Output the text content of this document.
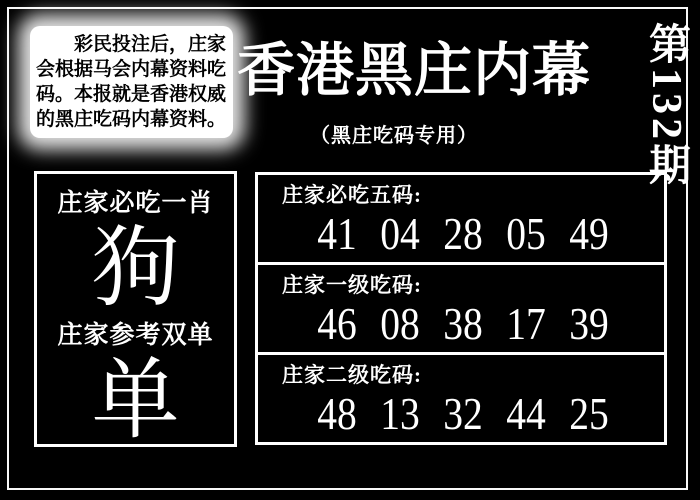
彩民投注后，庄家会根据马会内幕资料吃码。本报就是香港权威的黑庄吃码内幕资料。

香港黑庄内幕
（黑庄吃码专用）	第132期
庄家必吃一肖
狗
庄家参考双单
单
庄家必吃五码:
41 04 28 05 49
庄家一级吃码:
46 08 38 17 39
庄家二级吃码:
48 13 32 44 25
